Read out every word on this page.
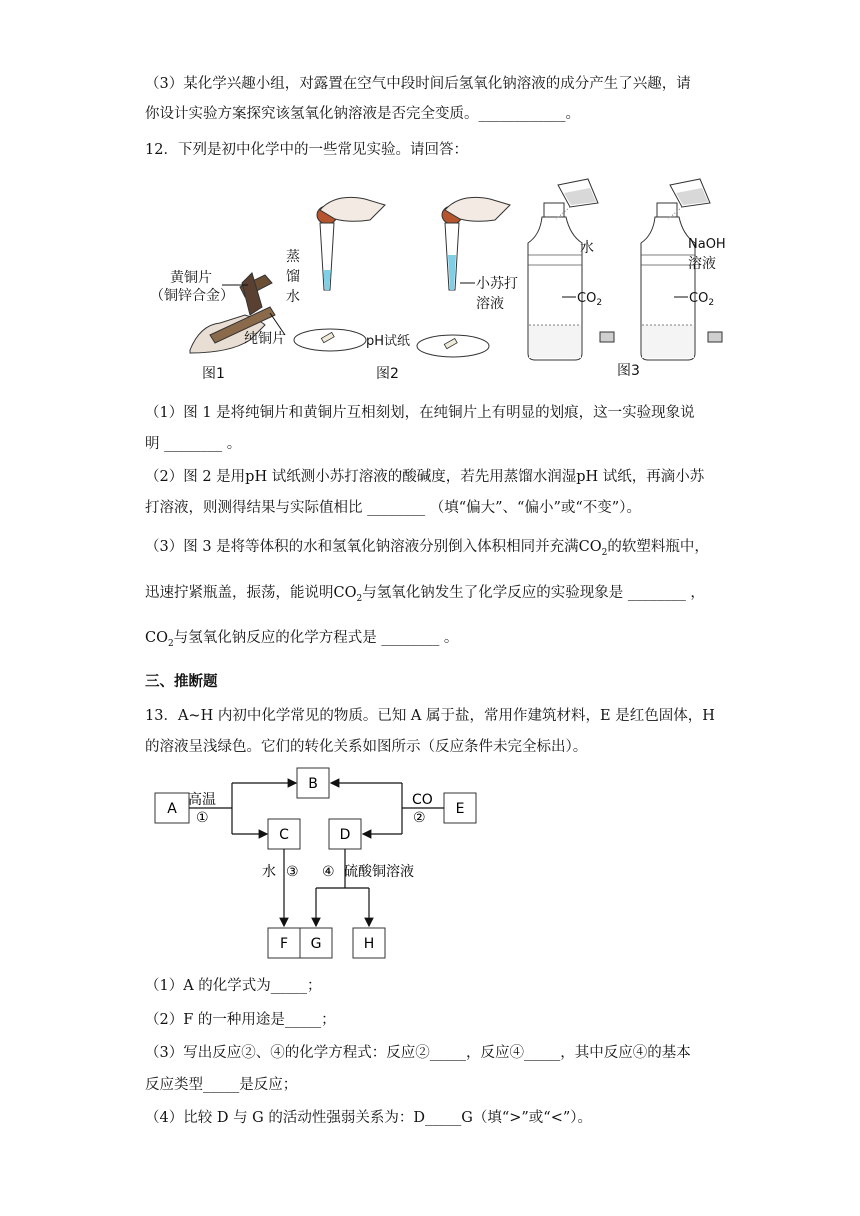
（3）某化学兴趣小组，对露置在空气中段时间后氢氧化钠溶液的成分产生了兴趣，请
你设计实验方案探究该氢氧化钠溶液是否完全变质。____________。
12．下列是初中化学中的一些常见实验。请回答：
黄铜片
（铜锌合金）
纯铜片
图1
蒸
馏
水
小苏打
溶液
pH试纸
图2
水
$CO_2$
NaOH
溶液
$CO_2$
图3
（1）图 1 是将纯铜片和黄铜片互相刻划，在纯铜片上有明显的划痕，这一实验现象说
明 ________ 。
（2）图 2 是用pH 试纸测小苏打溶液的酸碱度，若先用蒸馏水润湿pH 试纸，再滴小苏
打溶液，则测得结果与实际值相比 ________ （填“偏大”、“偏小”或“不变”）。
（3）图 3 是将等体积的水和氢氧化钠溶液分别倒入体积相同并充满$CO_2$的软塑料瓶中，
迅速拧紧瓶盖，振荡，能说明$CO_2$与氢氧化钠发生了化学反应的实验现象是 ________ ，
$CO_2$与氢氧化钠反应的化学方程式是 ________ 。
三、推断题
13．A~H 内初中化学常见的物质。已知 A 属于盐，常用作建筑材料，E 是红色固体，H
的溶液呈浅绿色。它们的转化关系如图所示（反应条件未完全标出）。
A
B
C	D
E
F G	H
高温
①
CO
②
水 ③ ④ 硫酸铜溶液
（1）A 的化学式为_____；
（2）F 的一种用途是_____；
（3）写出反应②、④的化学方程式：反应②_____，反应④_____，其中反应④的基本
反应类型_____是反应；
（4）比较 D 与 G 的活动性强弱关系为：D_____G（填“>”或“<”）。
